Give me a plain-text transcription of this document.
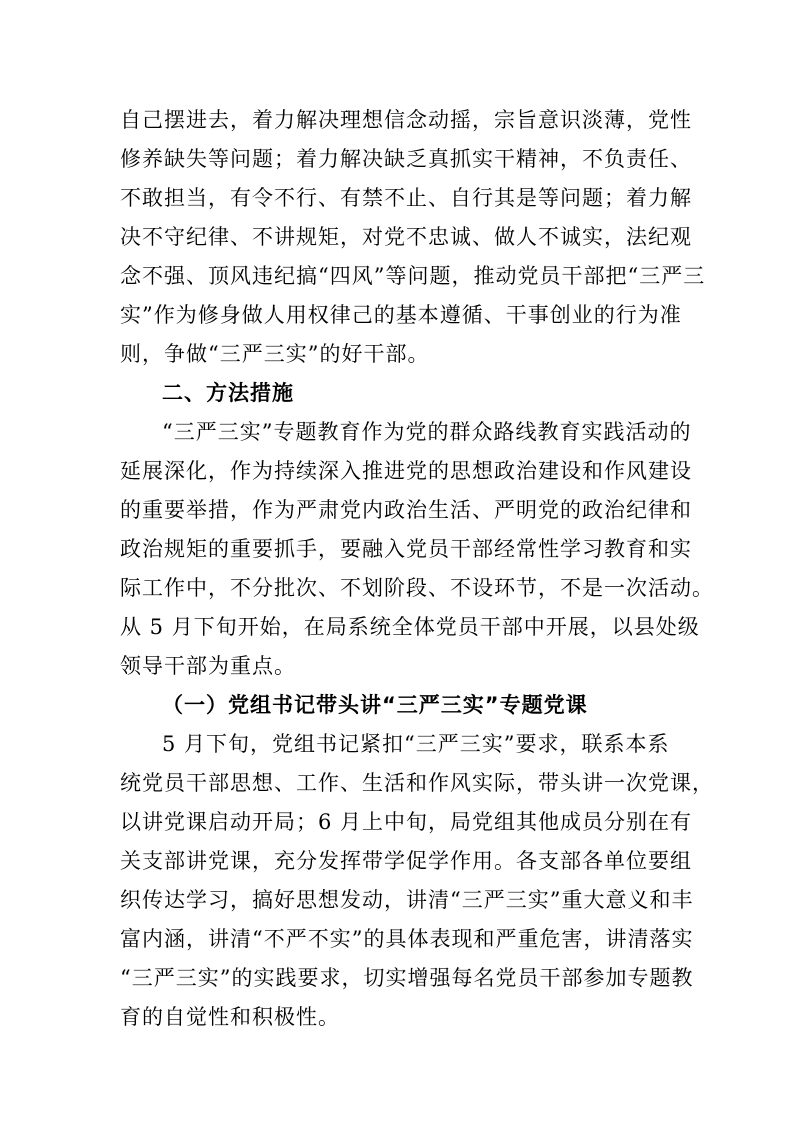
自己摆进去，着力解决理想信念动摇，宗旨意识淡薄，党性
修养缺失等问题；着力解决缺乏真抓实干精神，不负责任、
不敢担当，有令不行、有禁不止、自行其是等问题；着力解
决不守纪律、不讲规矩，对党不忠诚、做人不诚实，法纪观
念不强、顶风违纪搞“四风”等问题，推动党员干部把“三严三
实”作为修身做人用权律己的基本遵循、干事创业的行为准
则，争做“三严三实”的好干部。
二、方法措施
“三严三实”专题教育作为党的群众路线教育实践活动的
延展深化，作为持续深入推进党的思想政治建设和作风建设
的重要举措，作为严肃党内政治生活、严明党的政治纪律和
政治规矩的重要抓手，要融入党员干部经常性学习教育和实
际工作中，不分批次、不划阶段、不设环节，不是一次活动。
从 5 月下旬开始，在局系统全体党员干部中开展，以县处级
领导干部为重点。
（一）党组书记带头讲“三严三实”专题党课
5 月下旬，党组书记紧扣“三严三实”要求，联系本系
统党员干部思想、工作、生活和作风实际，带头讲一次党课，
以讲党课启动开局；6 月上中旬，局党组其他成员分别在有
关支部讲党课，充分发挥带学促学作用。各支部各单位要组
织传达学习，搞好思想发动，讲清“三严三实”重大意义和丰
富内涵，讲清“不严不实”的具体表现和严重危害，讲清落实
“三严三实”的实践要求，切实增强每名党员干部参加专题教
育的自觉性和积极性。
